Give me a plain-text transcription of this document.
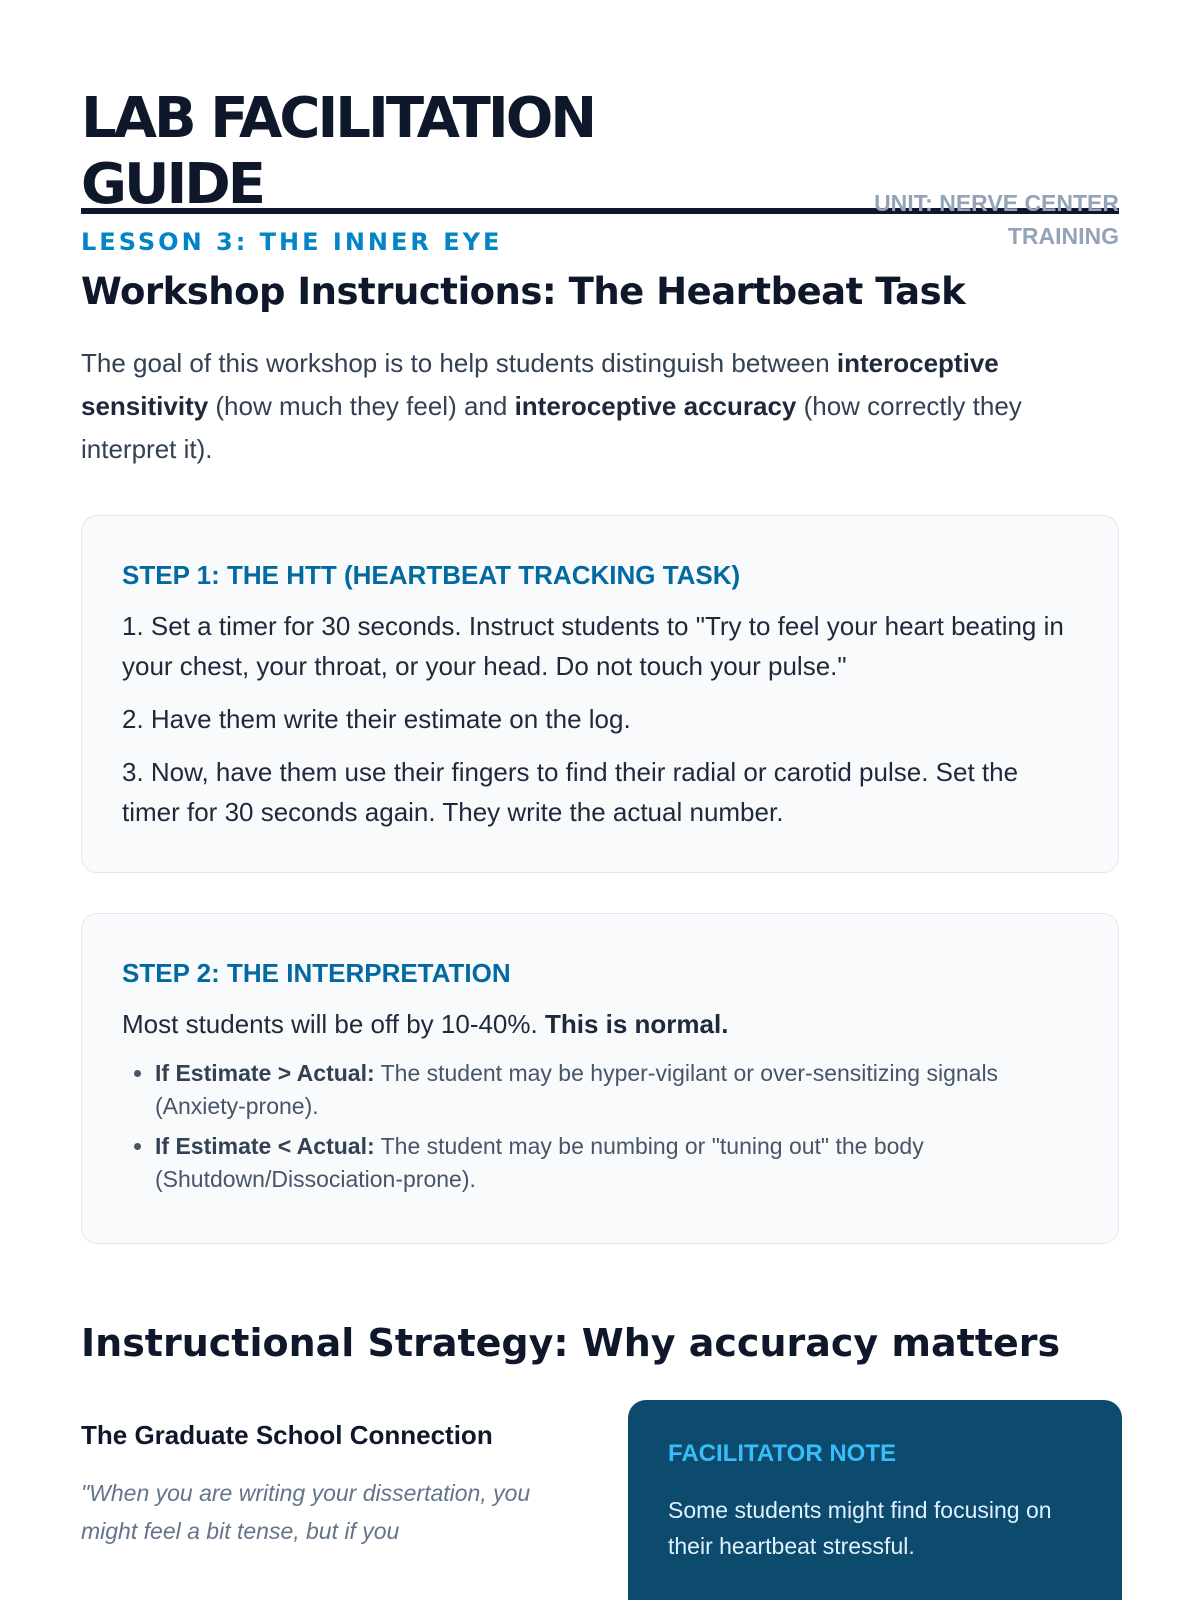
LAB FACILITATION GUIDE
LESSON 3: THE INNER EYE
UNIT: NERVE CENTER TRAINING
Workshop Instructions: The Heartbeat Task

The goal of this workshop is to help students distinguish between interoceptive sensitivity (how much they feel) and interoceptive accuracy (how correctly they interpret it).

STEP 1: THE HTT (HEARTBEAT TRACKING TASK)

1. Set a timer for 30 seconds. Instruct students to "Try to feel your heart beating in your chest, your throat, or your head. Do not touch your pulse."

2. Have them write their estimate on the log.

3. Now, have them use their fingers to find their radial or carotid pulse. Set the timer for 30 seconds again. They write the actual number.

STEP 2: THE INTERPRETATION

Most students will be off by 10-40%. This is normal.

• If Estimate > Actual: The student may be hyper-vigilant or over-sensitizing signals (Anxiety-prone).
• If Estimate < Actual: The student may be numbing or "tuning out" the body (Shutdown/Dissociation-prone).
Instructional Strategy: Why accuracy matters
The Graduate School Connection

"When you are writing your dissertation, you might feel a bit tense, but if you

FACILITATOR NOTE

Some students might find focusing on their heartbeat stressful.
